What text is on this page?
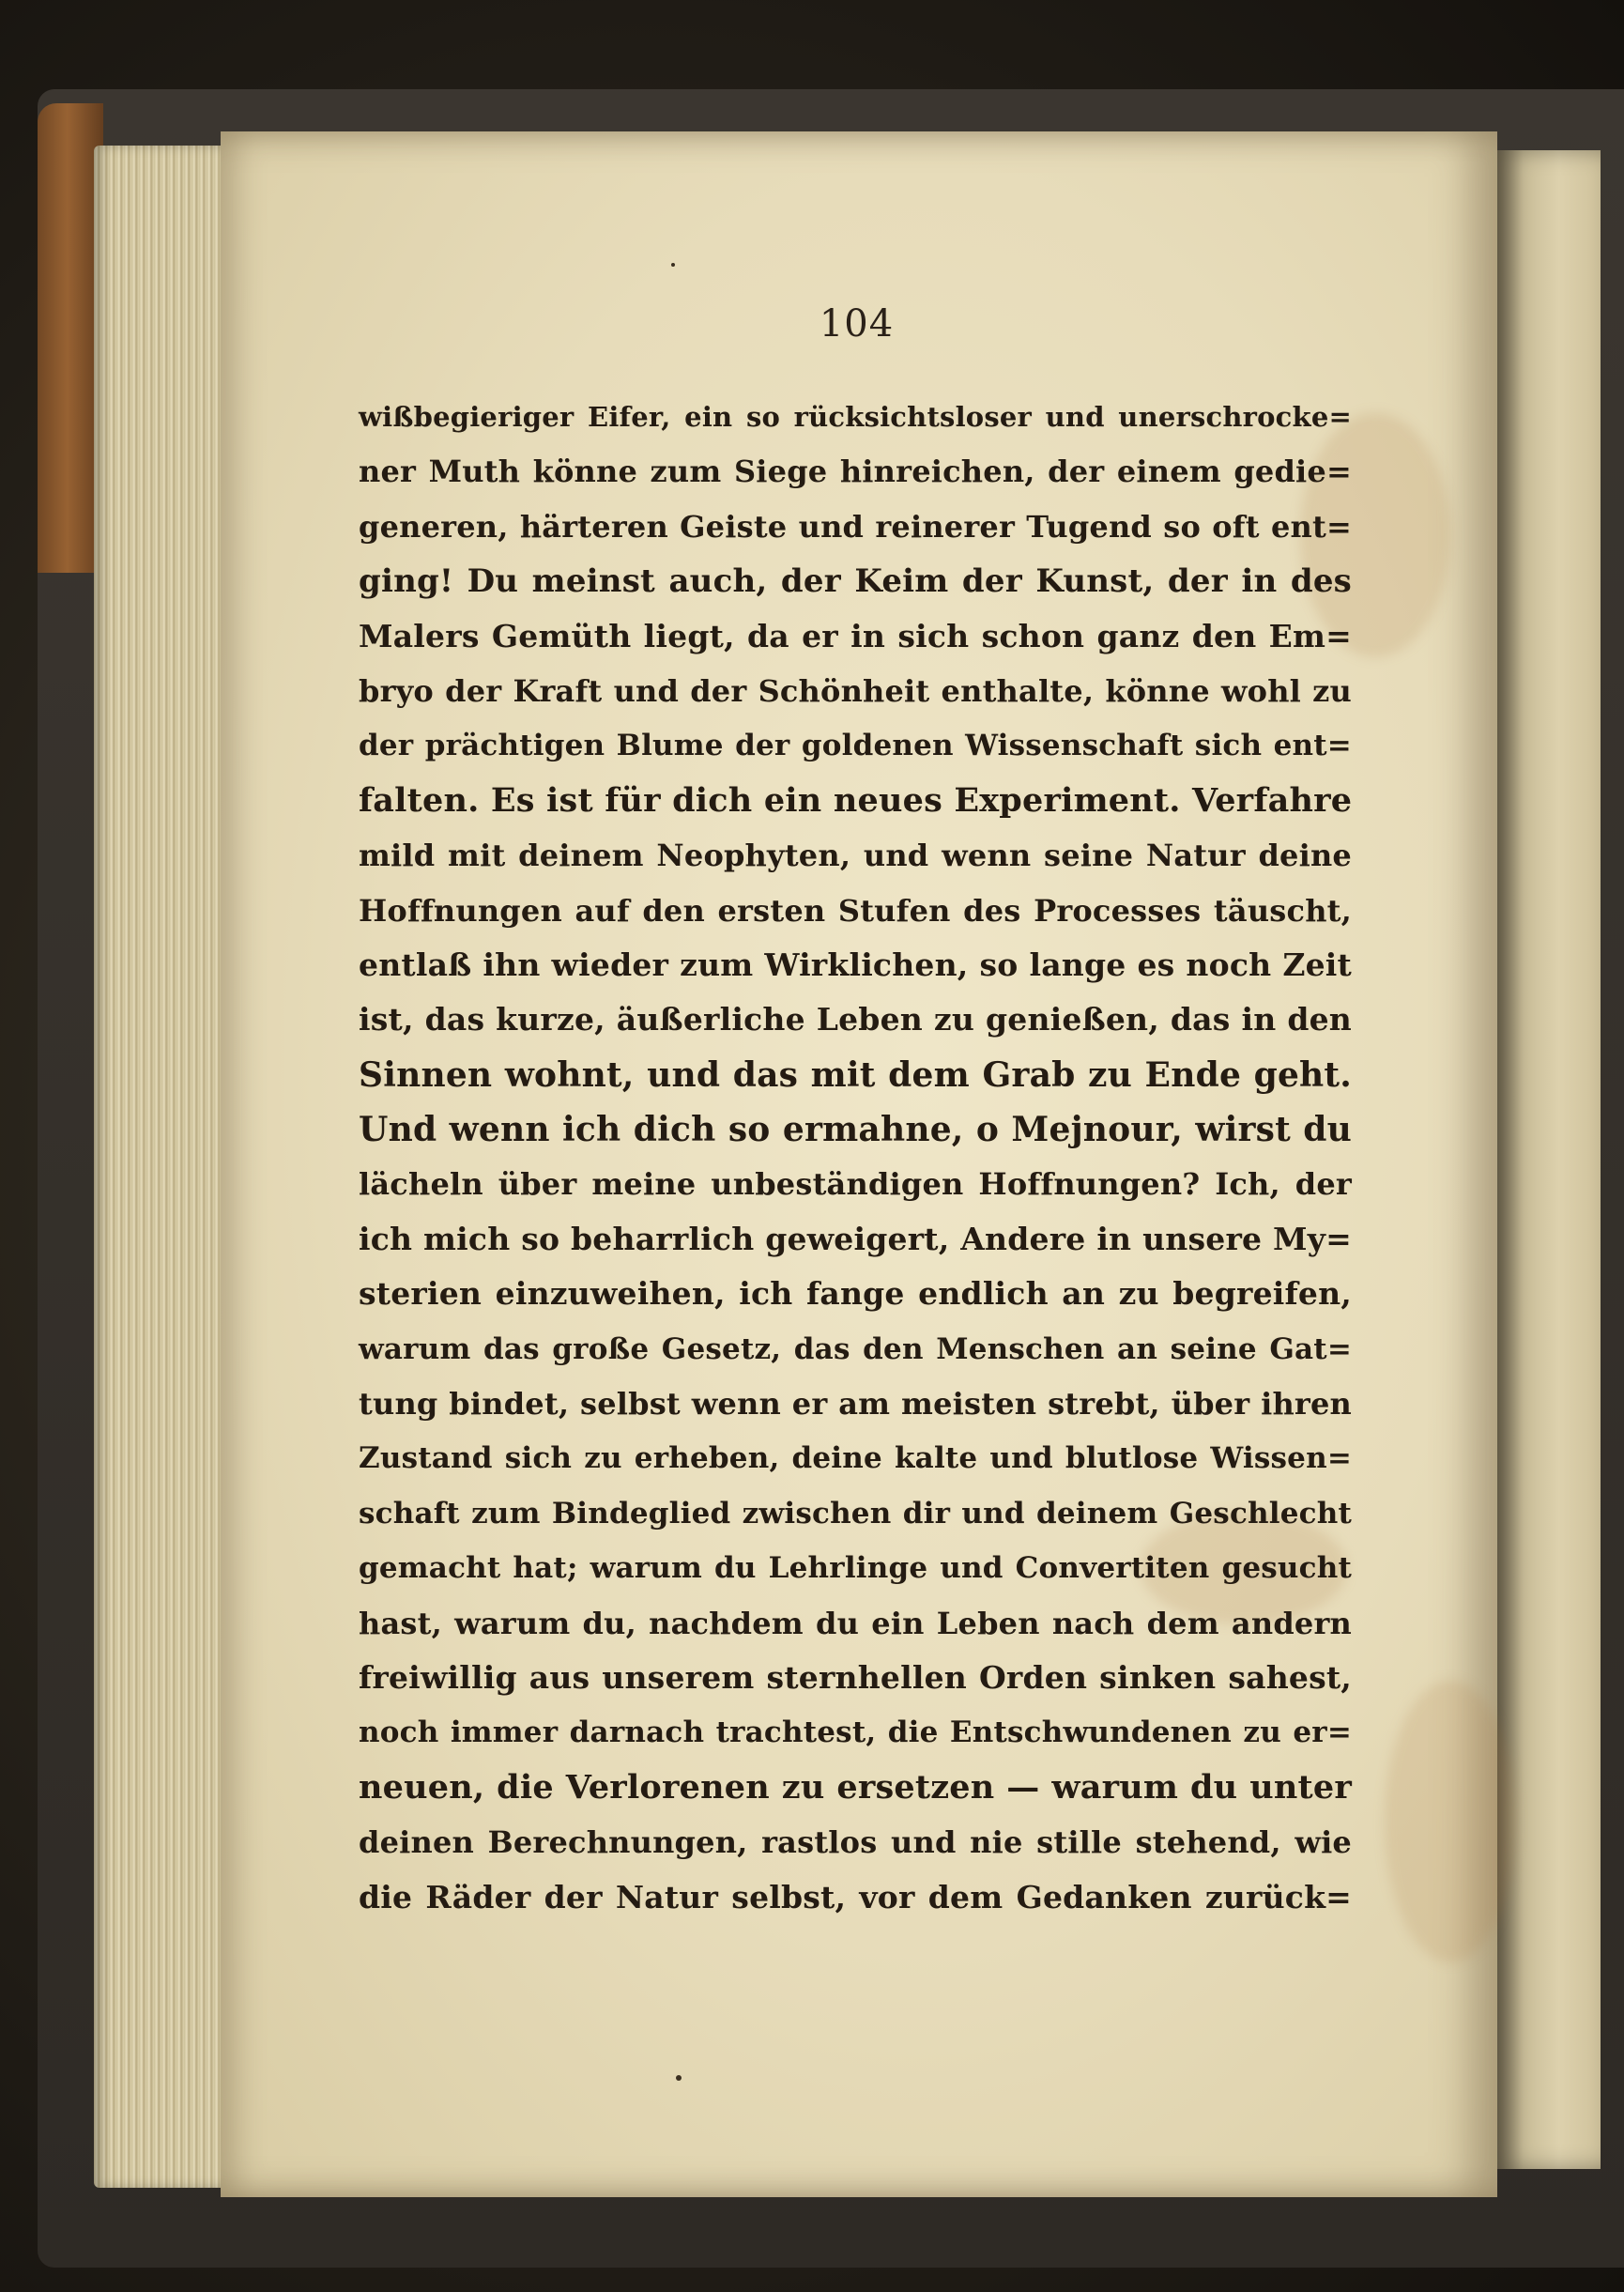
104
wißbegieriger Eifer, ein so rücksichtsloser und unerschrocke=
ner Muth könne zum Siege hinreichen, der einem gedie=
generen, härteren Geiste und reinerer Tugend so oft ent=
ging! Du meinst auch, der Keim der Kunst, der in des
Malers Gemüth liegt, da er in sich schon ganz den Em=
bryo der Kraft und der Schönheit enthalte, könne wohl zu
der prächtigen Blume der goldenen Wissenschaft sich ent=
falten. Es ist für dich ein neues Experiment. Verfahre
mild mit deinem Neophyten, und wenn seine Natur deine
Hoffnungen auf den ersten Stufen des Processes täuscht,
entlaß ihn wieder zum Wirklichen, so lange es noch Zeit
ist, das kurze, äußerliche Leben zu genießen, das in den
Sinnen wohnt, und das mit dem Grab zu Ende geht.
Und wenn ich dich so ermahne, o Mejnour, wirst du
lächeln über meine unbeständigen Hoffnungen? Ich, der
ich mich so beharrlich geweigert, Andere in unsere My=
sterien einzuweihen, ich fange endlich an zu begreifen,
warum das große Gesetz, das den Menschen an seine Gat=
tung bindet, selbst wenn er am meisten strebt, über ihren
Zustand sich zu erheben, deine kalte und blutlose Wissen=
schaft zum Bindeglied zwischen dir und deinem Geschlecht
gemacht hat; warum du Lehrlinge und Convertiten gesucht
hast, warum du, nachdem du ein Leben nach dem andern
freiwillig aus unserem sternhellen Orden sinken sahest,
noch immer darnach trachtest, die Entschwundenen zu er=
neuen, die Verlorenen zu ersetzen — warum du unter
deinen Berechnungen, rastlos und nie stille stehend, wie
die Räder der Natur selbst, vor dem Gedanken zurück=
